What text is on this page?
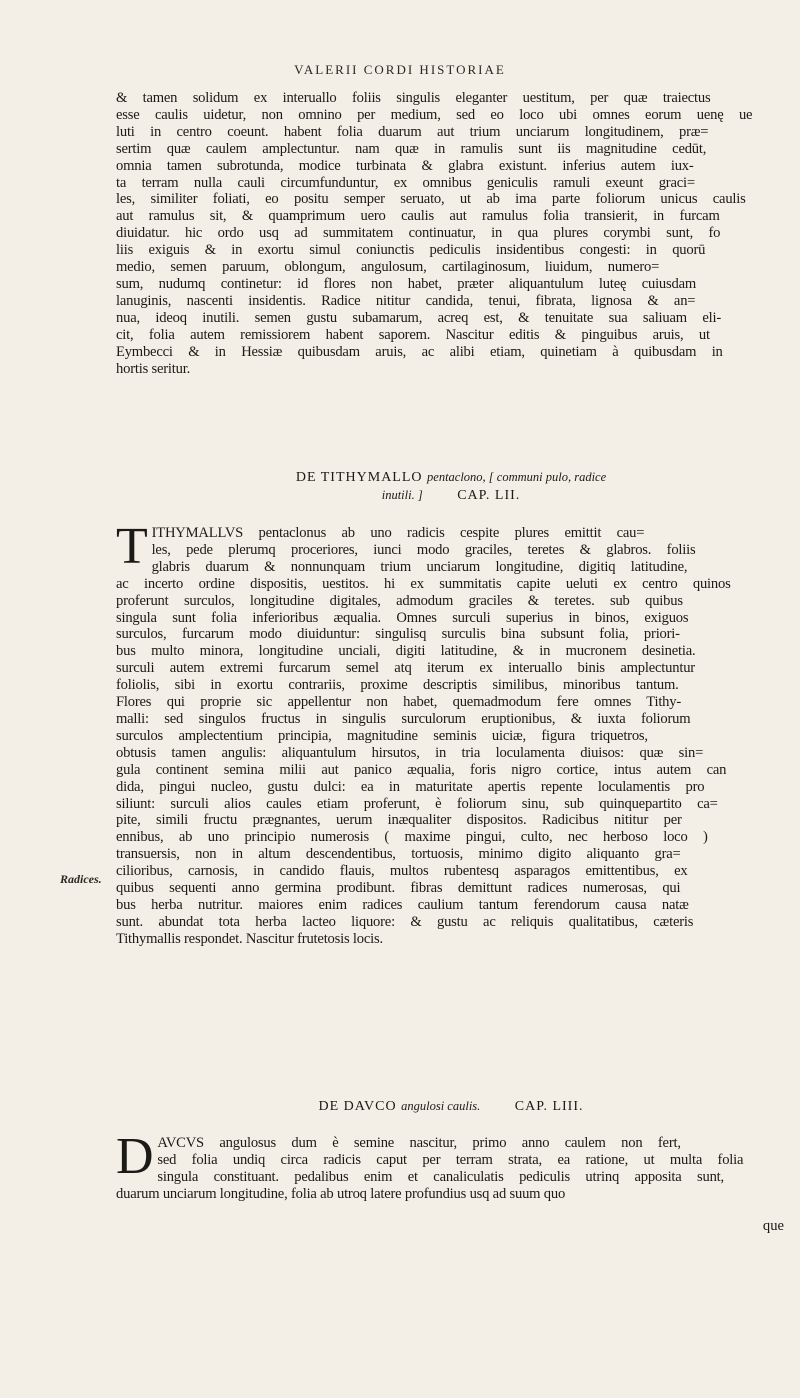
VALERII CORDI HISTORIAE
& tamen solidum ex interuallo foliis singulis eleganter uestitum, per quæ traiectus
esse caulis uidetur, non omnino per medium, sed eo loco ubi omnes eorum uenę ue
luti in centro coeunt. habent folia duarum aut trium unciarum longitudinem, præ=
sertim quæ caulem amplectuntur. nam quæ in ramulis sunt iis magnitudine cedūt,
omnia tamen subrotunda, modice turbinata & glabra existunt. inferius autem iux-
ta terram nulla cauli circumfunduntur, ex omnibus geniculis ramuli exeunt graci=
les, similiter foliati, eo positu semper seruato, ut ab ima parte foliorum unicus caulis
aut ramulus sit, & quamprimum uero caulis aut ramulus folia transierit, in furcam
diuidatur. hic ordo usq ad summitatem continuatur, in qua plures corymbi sunt, fo
liis exiguis & in exortu simul coniunctis pediculis insidentibus congesti: in quorū
medio, semen paruum, oblongum, angulosum, cartilaginosum, liuidum, numero=
sum, nudumq continetur: id flores non habet, præter aliquantulum luteę cuiusdam
lanuginis, nascenti insidentis. Radice nititur candida, tenui, fibrata, lignosa & an=
nua, ideoq inutili. semen gustu subamarum, acreq est, & tenuitate sua saliuam eli-
cit, folia autem remissiorem habent saporem. Nascitur editis & pinguibus aruis, ut
Eymbecci & in Hessiæ quibusdam aruis, ac alibi etiam, quinetiam à quibusdam in
hortis seritur.
DE TITHYMALLO pentaclono, [ communi pulo, radice
inutili. ] CAP. LII.
T ITHYMALLVS pentaclonus ab uno radicis cespite plures emittit cau=
les, pede plerumq proceriores, iunci modo graciles, teretes & glabros. foliis
glabris duarum & nonnunquam trium unciarum longitudine, digitiq latitudine,
ac incerto ordine dispositis, uestitos. hi ex summitatis capite ueluti ex centro quinos
proferunt surculos, longitudine digitales, admodum graciles & teretes. sub quibus
singula sunt folia inferioribus æqualia. Omnes surculi superius in binos, exiguos
surculos, furcarum modo diuiduntur: singulisq surculis bina subsunt folia, priori-
bus multo minora, longitudine unciali, digiti latitudine, & in mucronem desinetia.
surculi autem extremi furcarum semel atq iterum ex interuallo binis amplectuntur
foliolis, sibi in exortu contrariis, proxime descriptis similibus, minoribus tantum.
Flores qui proprie sic appellentur non habet, quemadmodum fere omnes Tithy-
malli: sed singulos fructus in singulis surculorum eruptionibus, & iuxta foliorum
surculos amplectentium principia, magnitudine seminis uiciæ, figura triquetros,
obtusis tamen angulis: aliquantulum hirsutos, in tria loculamenta diuisos: quæ sin=
gula continent semina milii aut panico æqualia, foris nigro cortice, intus autem can
dida, pingui nucleo, gustu dulci: ea in maturitate apertis repente loculamentis pro
siliunt: surculi alios caules etiam proferunt, è foliorum sinu, sub quinquepartito ca=
pite, simili fructu prægnantes, uerum inæqualiter dispositos. Radicibus nititur per
ennibus, ab uno principio numerosis ( maxime pingui, culto, nec herboso loco )
transuersis, non in altum descendentibus, tortuosis, minimo digito aliquanto gra=
cilioribus, carnosis, in candido flauis, multos rubentesq asparagos emittentibus, ex
quibus sequenti anno germina prodibunt. fibras demittunt radices numerosas, qui
bus herba nutritur. maiores enim radices caulium tantum ferendorum causa natæ
sunt. abundat tota herba lacteo liquore: & gustu ac reliquis qualitatibus, cæteris
Tithymallis respondet. Nascitur frutetosis locis.
Radices.
DE DAVCO angulosi caulis. CAP. LIII.
D AVCVS angulosus dum è semine nascitur, primo anno caulem non fert,
sed folia undiq circa radicis caput per terram strata, ea ratione, ut multa folia
singula constituant. pedalibus enim et canaliculatis pediculis utrinq apposita sunt,
duarum unciarum longitudine, folia ab utroq latere profundius usq ad suum quo
que
